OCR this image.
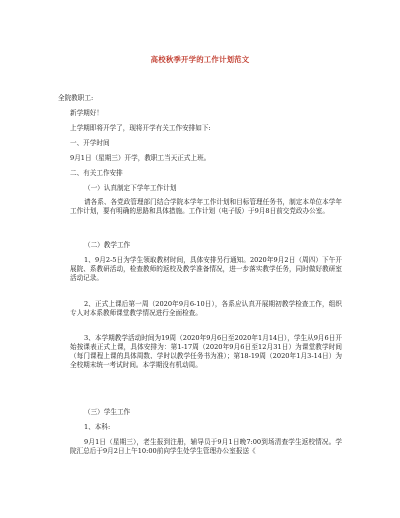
高校秋季开学的工作计划范文
全院教职工:
新学期好！
上学期即将开学了，现将开学有关工作安排如下:
一、开学时间
9月1日（星期三）开学，教职工当天正式上班。
二、有关工作安排
（一）认真制定下学年工作计划
请各系、各党政管理部门结合学院本学年工作计划和目标管理任务书，制定本单位本学年工作计划，要有明确的思路和具体措施。工作计划（电子版）于9月8日前交党政办公室。
（二）教学工作
1、9月2-5日为学生领取教材时间，具体安排另行通知。2020年9月2日（周四）下午开展院、系教研活动，检查教师的返校及教学准备情况，进一步落实教学任务，同时做好教研室活动记录。
2、正式上课后第一周（2020年9月6-10日），各系应认真开展期初教学检查工作，组织专人对本系教师课堂教学情况进行全面检查。
3、本学期教学活动时间为19周（2020年9月6日至2020年1月14日），学生从9月6日开始按课表正式上课，具体安排为：第1-17周（2020年9月6日至12月31日）为课堂教学时间（每门课程上课的具体周数、学时以教学任务书为准）；第18-19周（2020年1月3-14日）为全校期末统一考试时间。本学期没有机动周。
（三）学生工作
1、本科:
9月1日（星期三），老生报到注册，辅导员于9月1日晚7:00到场清查学生返校情况。学院汇总后于9月2日上午10:00前向学生处学生管理办公室报送《
